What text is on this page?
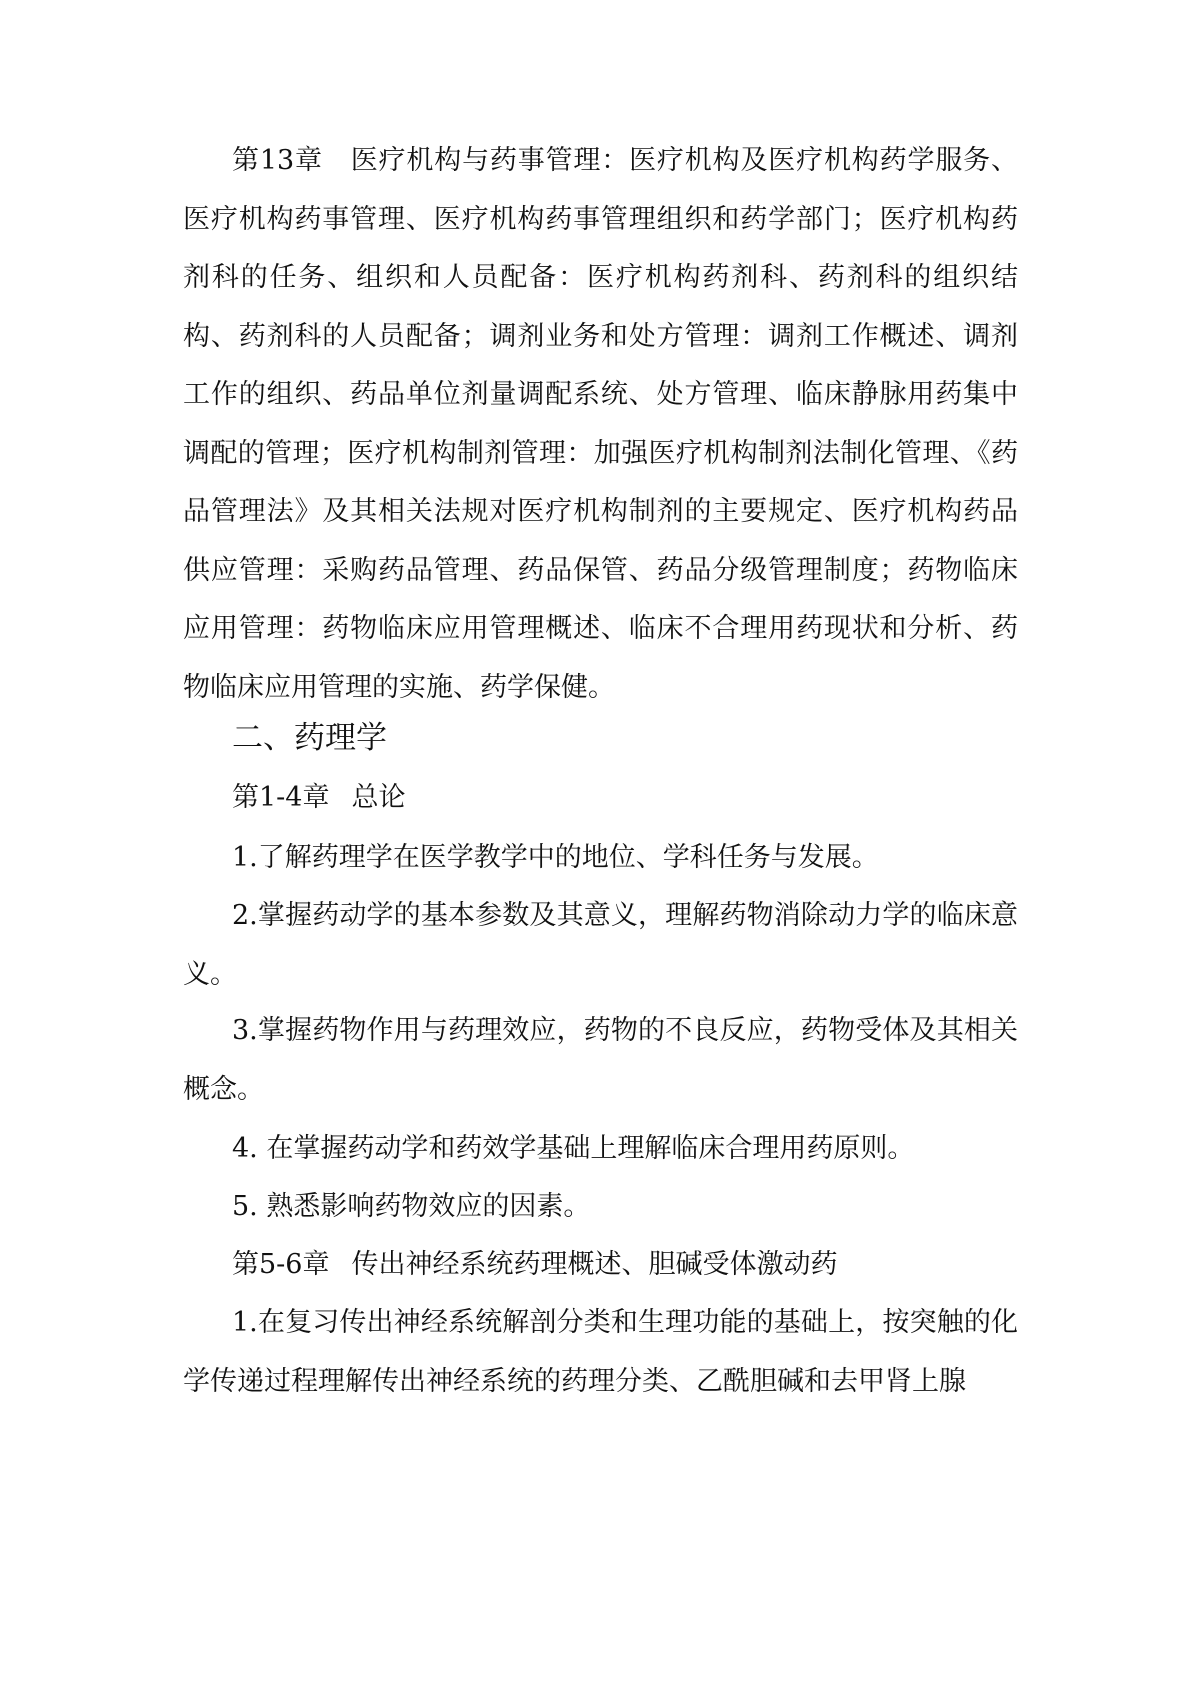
第13章　医疗机构与药事管理：医疗机构及医疗机构药学服务、医疗机构药事管理、医疗机构药事管理组织和药学部门；医疗机构药剂科的任务、组织和人员配备：医疗机构药剂科、药剂科的组织结构、药剂科的人员配备；调剂业务和处方管理：调剂工作概述、调剂工作的组织、药品单位剂量调配系统、处方管理、临床静脉用药集中调配的管理；医疗机构制剂管理：加强医疗机构制剂法制化管理、《药品管理法》及其相关法规对医疗机构制剂的主要规定、医疗机构药品供应管理：采购药品管理、药品保管、药品分级管理制度；药物临床应用管理：药物临床应用管理概述、临床不合理用药现状和分析、药物临床应用管理的实施、药学保健。

二、药理学

第1-4章 总论

1.了解药理学在医学教学中的地位、学科任务与发展。

2.掌握药动学的基本参数及其意义，理解药物消除动力学的临床意义。

3.掌握药物作用与药理效应，药物的不良反应，药物受体及其相关概念。

4. 在掌握药动学和药效学基础上理解临床合理用药原则。

5. 熟悉影响药物效应的因素。

第5-6章 传出神经系统药理概述、胆碱受体激动药

1.在复习传出神经系统解剖分类和生理功能的基础上，按突触的化学传递过程理解传出神经系统的药理分类、乙酰胆碱和去甲肾上腺
